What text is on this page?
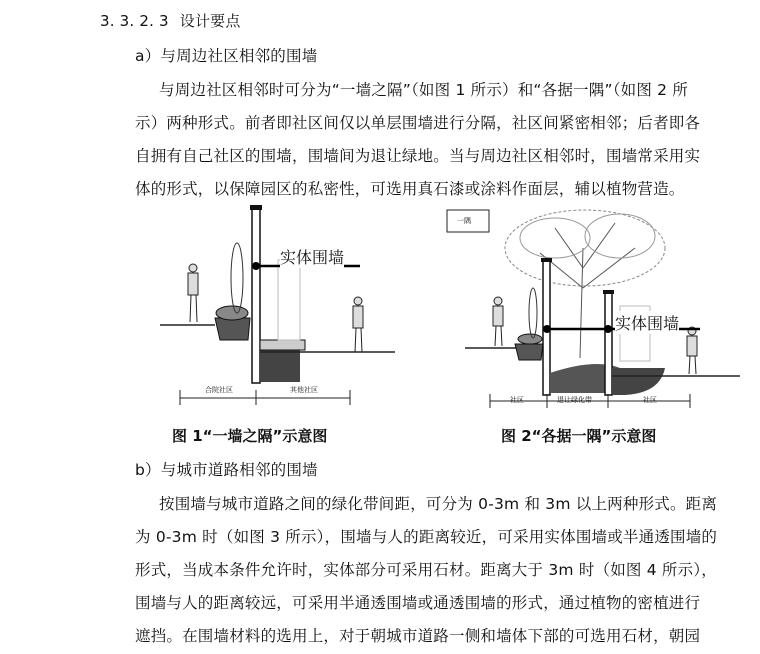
3. 3. 2. 3 设计要点
a）与周边社区相邻的围墙
与周边社区相邻时可分为“一墙之隔”（如图 1 所示）和“各据一隅”（如图 2 所
示）两种形式。前者即社区间仅以单层围墙进行分隔，社区间紧密相邻；后者即各
自拥有自己社区的围墙，围墙间为退让绿地。当与周边社区相邻时，围墙常采用实
体的形式，以保障园区的私密性，可选用真石漆或涂料作面层，辅以植物营造。
实体围墙
合院社区	其他社区
图 1“一墙之隔”示意图
一隅
实体围墙
社区	退让绿化带	社区
图 2“各据一隅”示意图
b）与城市道路相邻的围墙
按围墙与城市道路之间的绿化带间距，可分为 0-3m 和 3m 以上两种形式。距离
为 0-3m 时（如图 3 所示），围墙与人的距离较近，可采用实体围墙或半通透围墙的
形式，当成本条件允许时，实体部分可采用石材。距离大于 3m 时（如图 4 所示），
围墙与人的距离较远，可采用半通透围墙或通透围墙的形式，通过植物的密植进行
遮挡。在围墙材料的选用上，对于朝城市道路一侧和墙体下部的可选用石材，朝园
